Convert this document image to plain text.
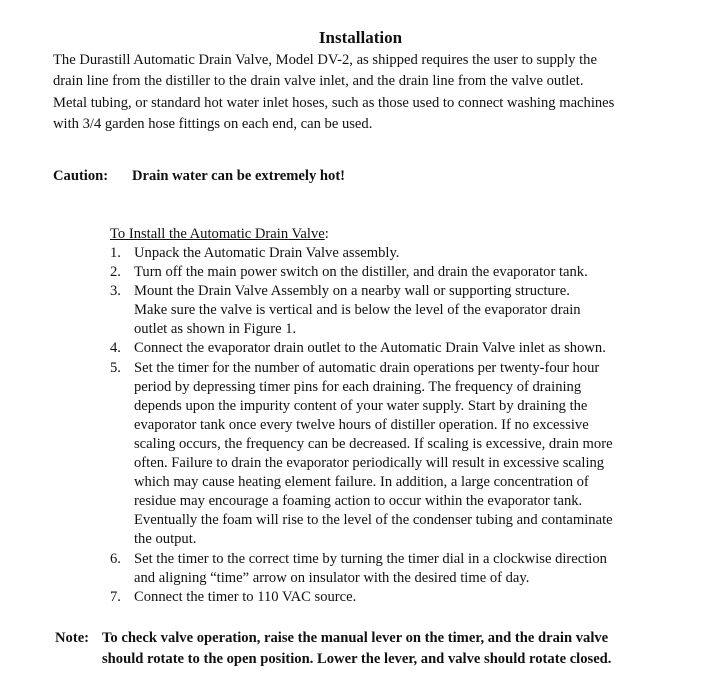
Installation
The Durastill Automatic Drain Valve, Model DV-2, as shipped requires the user to supply the
drain line from the distiller to the drain valve inlet, and the drain line from the valve outlet.
Metal tubing, or standard hot water inlet hoses, such as those used to connect washing machines
with 3/4 garden hose fittings on each end, can be used.
Caution: Drain water can be extremely hot!
To Install the Automatic Drain Valve:
1. Unpack the Automatic Drain Valve assembly.
2. Turn off the main power switch on the distiller, and drain the evaporator tank.
3. Mount the Drain Valve Assembly on a nearby wall or supporting structure.
Make sure the valve is vertical and is below the level of the evaporator drain
outlet as shown in Figure 1.
4. Connect the evaporator drain outlet to the Automatic Drain Valve inlet as shown.
5. Set the timer for the number of automatic drain operations per twenty-four hour
period by depressing timer pins for each draining. The frequency of draining
depends upon the impurity content of your water supply. Start by draining the
evaporator tank once every twelve hours of distiller operation. If no excessive
scaling occurs, the frequency can be decreased. If scaling is excessive, drain more
often. Failure to drain the evaporator periodically will result in excessive scaling
which may cause heating element failure. In addition, a large concentration of
residue may encourage a foaming action to occur within the evaporator tank.
Eventually the foam will rise to the level of the condenser tubing and contaminate
the output.
6. Set the timer to the correct time by turning the timer dial in a clockwise direction
and aligning “time” arrow on insulator with the desired time of day.
7. Connect the timer to 110 VAC source.
Note: To check valve operation, raise the manual lever on the timer, and the drain valve
should rotate to the open position. Lower the lever, and valve should rotate closed.
